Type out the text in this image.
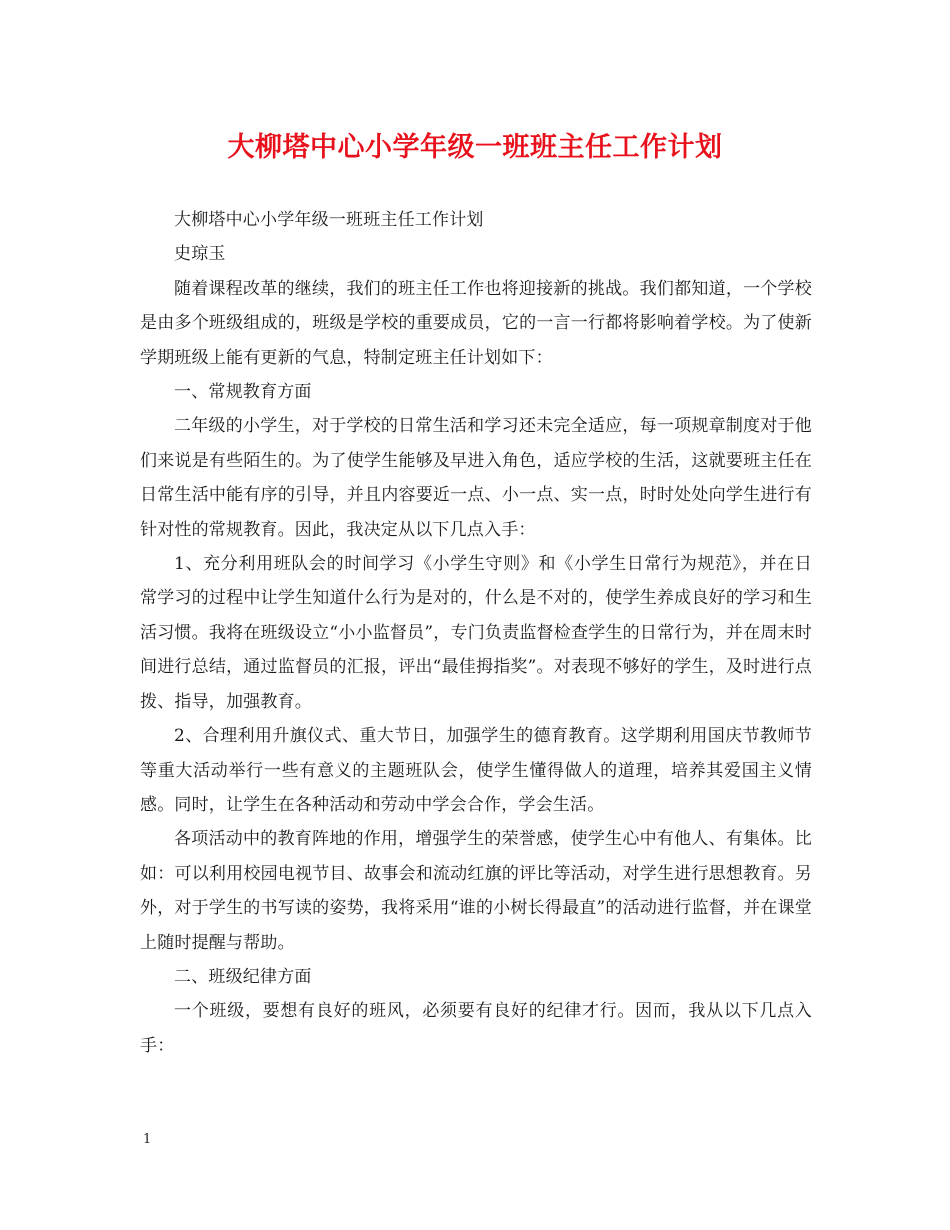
大柳塔中心小学年级一班班主任工作计划

大柳塔中心小学年级一班班主任工作计划

史琼玉

随着课程改革的继续，我们的班主任工作也将迎接新的挑战。我们都知道，一个学校是由多个班级组成的，班级是学校的重要成员，它的一言一行都将影响着学校。为了使新学期班级上能有更新的气息，特制定班主任计划如下：

一、常规教育方面

二年级的小学生，对于学校的日常生活和学习还未完全适应，每一项规章制度对于他们来说是有些陌生的。为了使学生能够及早进入角色，适应学校的生活，这就要班主任在日常生活中能有序的引导，并且内容要近一点、小一点、实一点，时时处处向学生进行有针对性的常规教育。因此，我决定从以下几点入手：

1、充分利用班队会的时间学习《小学生守则》和《小学生日常行为规范》，并在日常学习的过程中让学生知道什么行为是对的，什么是不对的，使学生养成良好的学习和生活习惯。我将在班级设立“小小监督员”，专门负责监督检查学生的日常行为，并在周末时间进行总结，通过监督员的汇报，评出“最佳拇指奖”。对表现不够好的学生，及时进行点拨、指导，加强教育。

2、合理利用升旗仪式、重大节日，加强学生的德育教育。这学期利用国庆节教师节等重大活动举行一些有意义的主题班队会，使学生懂得做人的道理，培养其爱国主义情感。同时，让学生在各种活动和劳动中学会合作，学会生活。

各项活动中的教育阵地的作用，增强学生的荣誉感，使学生心中有他人、有集体。比如：可以利用校园电视节目、故事会和流动红旗的评比等活动，对学生进行思想教育。另外，对于学生的书写读的姿势，我将采用“谁的小树长得最直”的活动进行监督，并在课堂上随时提醒与帮助。

二、班级纪律方面

一个班级，要想有良好的班风，必须要有良好的纪律才行。因而，我从以下几点入手：

1
